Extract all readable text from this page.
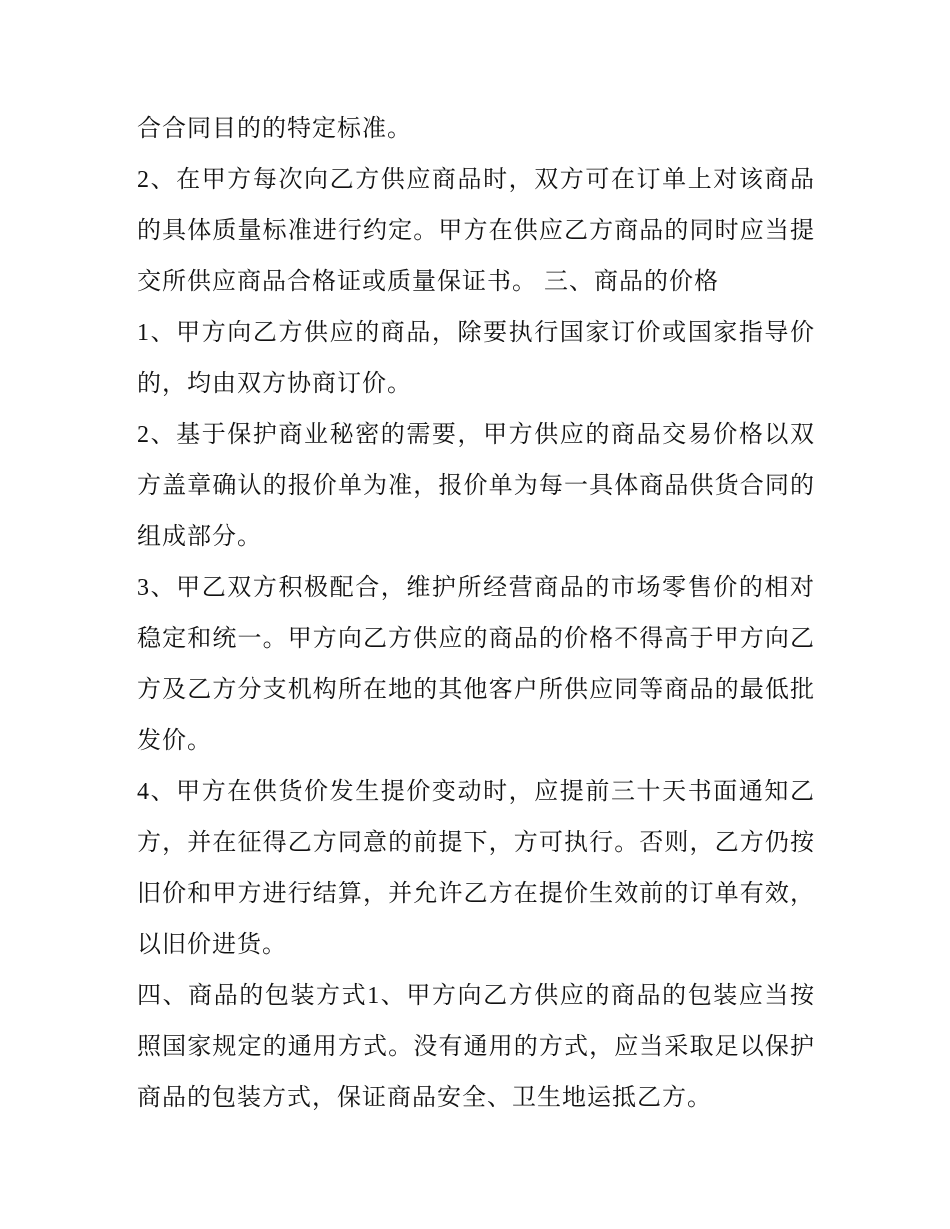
合合同目的的特定标准。
2、在甲方每次向乙方供应商品时，双方可在订单上对该商品
的具体质量标准进行约定。甲方在供应乙方商品的同时应当提
交所供应商品合格证或质量保证书。 三、商品的价格
1、甲方向乙方供应的商品，除要执行国家订价或国家指导价
的，均由双方协商订价。
2、基于保护商业秘密的需要，甲方供应的商品交易价格以双
方盖章确认的报价单为准，报价单为每一具体商品供货合同的
组成部分。
3、甲乙双方积极配合，维护所经营商品的市场零售价的相对
稳定和统一。甲方向乙方供应的商品的价格不得高于甲方向乙
方及乙方分支机构所在地的其他客户所供应同等商品的最低批
发价。
4、甲方在供货价发生提价变动时，应提前三十天书面通知乙
方，并在征得乙方同意的前提下，方可执行。否则，乙方仍按
旧价和甲方进行结算，并允许乙方在提价生效前的订单有效，
以旧价进货。
四、商品的包装方式1、甲方向乙方供应的商品的包装应当按
照国家规定的通用方式。没有通用的方式，应当采取足以保护
商品的包装方式，保证商品安全、卫生地运抵乙方。
